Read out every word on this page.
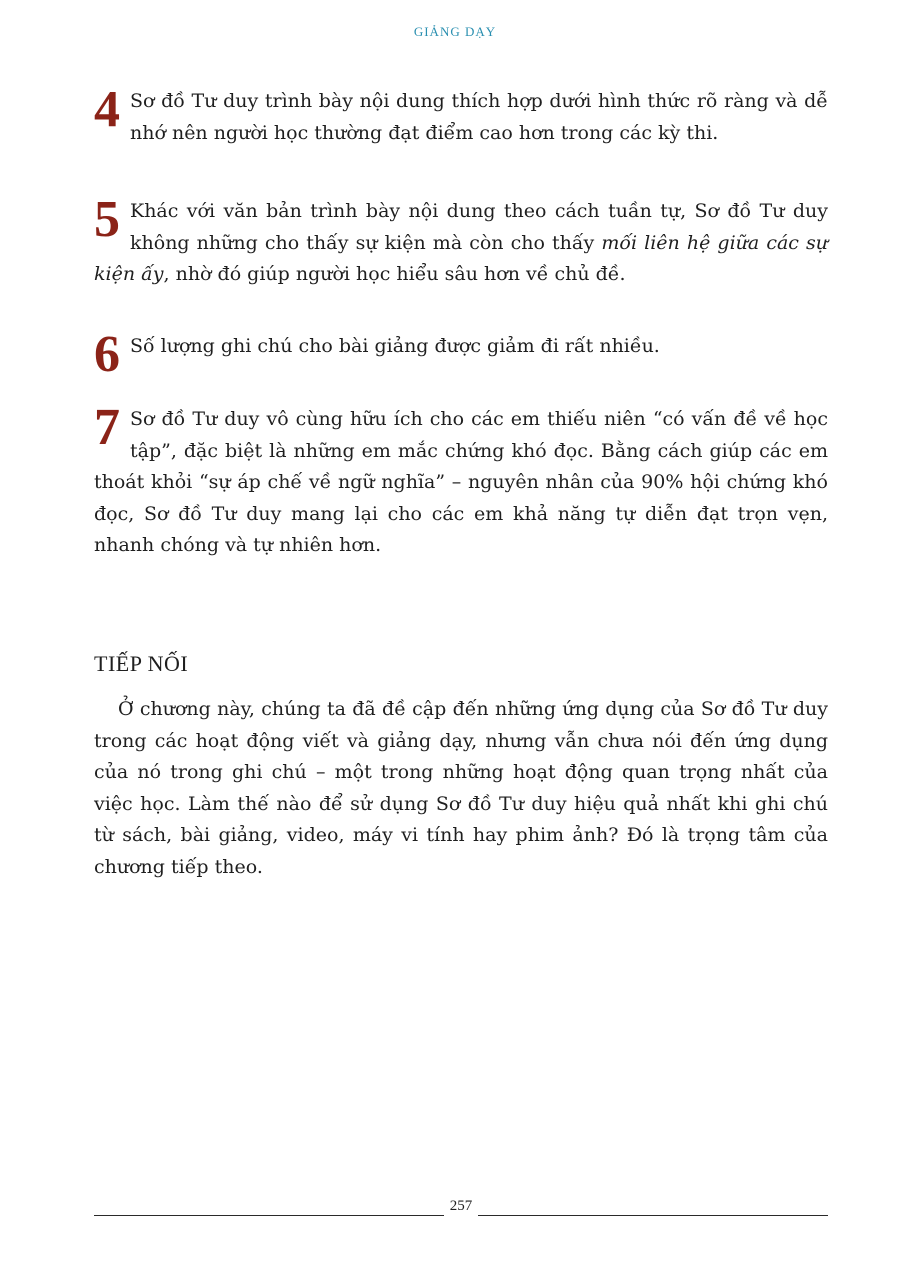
GIẢNG DẠY
4 Sơ đồ Tư duy trình bày nội dung thích hợp dưới hình thức rõ ràng và dễ nhớ nên người học thường đạt điểm cao hơn trong các kỳ thi.
5 Khác với văn bản trình bày nội dung theo cách tuần tự, Sơ đồ Tư duy không những cho thấy sự kiện mà còn cho thấy mối liên hệ giữa các sự kiện ấy, nhờ đó giúp người học hiểu sâu hơn về chủ đề.
6 Số lượng ghi chú cho bài giảng được giảm đi rất nhiều.
7 Sơ đồ Tư duy vô cùng hữu ích cho các em thiếu niên “có vấn đề về học tập”, đặc biệt là những em mắc chứng khó đọc. Bằng cách giúp các em thoát khỏi “sự áp chế về ngữ nghĩa” – nguyên nhân của 90% hội chứng khó đọc, Sơ đồ Tư duy mang lại cho các em khả năng tự diễn đạt trọn vẹn, nhanh chóng và tự nhiên hơn.
TIẾP NỐI
Ở chương này, chúng ta đã đề cập đến những ứng dụng của Sơ đồ Tư duy trong các hoạt động viết và giảng dạy, nhưng vẫn chưa nói đến ứng dụng của nó trong ghi chú – một trong những hoạt động quan trọng nhất của việc học. Làm thế nào để sử dụng Sơ đồ Tư duy hiệu quả nhất khi ghi chú từ sách, bài giảng, video, máy vi tính hay phim ảnh? Đó là trọng tâm của chương tiếp theo.
257
